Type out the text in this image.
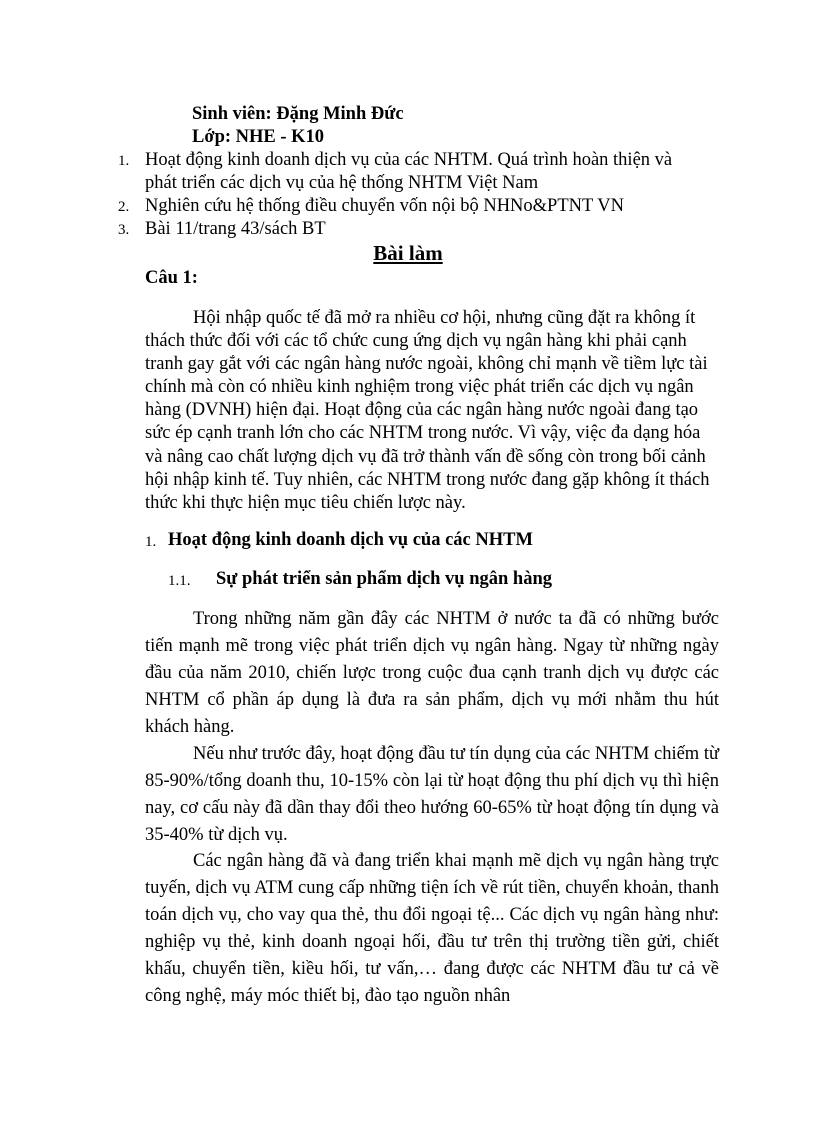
Sinh viên: Đặng Minh Đức
Lớp: NHE - K10
1. Hoạt động kinh doanh dịch vụ của các NHTM. Quá trình hoàn thiện và
phát triển các dịch vụ của hệ thống NHTM Việt Nam
2. Nghiên cứu hệ thống điều chuyển vốn nội bộ NHNo&PTNT VN
3. Bài 11/trang 43/sách BT
Bài làm
Câu 1:

Hội nhập quốc tế đã mở ra nhiều cơ hội, nhưng cũng đặt ra không ít thách thức đối với các tổ chức cung ứng dịch vụ ngân hàng khi phải cạnh tranh gay gắt với các ngân hàng nước ngoài, không chỉ mạnh về tiềm lực tài chính mà còn có nhiều kinh nghiệm trong việc phát triển các dịch vụ ngân hàng (DVNH) hiện đại. Hoạt động của các ngân hàng nước ngoài đang tạo sức ép cạnh tranh lớn cho các NHTM trong nước. Vì vậy, việc đa dạng hóa và nâng cao chất lượng dịch vụ đã trở thành vấn đề sống còn trong bối cảnh hội nhập kinh tế. Tuy nhiên, các NHTM trong nước đang gặp không ít thách thức khi thực hiện mục tiêu chiến lược này.

1. Hoạt động kinh doanh dịch vụ của các NHTM
1.1. Sự phát triển sản phẩm dịch vụ ngân hàng

Trong những năm gần đây các NHTM ở nước ta đã có những bước tiến mạnh mẽ trong việc phát triển dịch vụ ngân hàng. Ngay từ những ngày đầu của năm 2010, chiến lược trong cuộc đua cạnh tranh dịch vụ được các NHTM cổ phần áp dụng là đưa ra sản phẩm, dịch vụ mới nhằm thu hút khách hàng.

Nếu như trước đây, hoạt động đầu tư tín dụng của các NHTM chiếm từ 85-90%/tổng doanh thu, 10-15% còn lại từ hoạt động thu phí dịch vụ thì hiện nay, cơ cấu này đã dần thay đổi theo hướng 60-65% từ hoạt động tín dụng và 35-40% từ dịch vụ.

Các ngân hàng đã và đang triển khai mạnh mẽ dịch vụ ngân hàng trực tuyến, dịch vụ ATM cung cấp những tiện ích về rút tiền, chuyển khoản, thanh toán dịch vụ, cho vay qua thẻ, thu đổi ngoại tệ... Các dịch vụ ngân hàng như: nghiệp vụ thẻ, kinh doanh ngoại hối, đầu tư trên thị trường tiền gửi, chiết khấu, chuyển tiền, kiều hối, tư vấn,… đang được các NHTM đầu tư cả về công nghệ, máy móc thiết bị, đào tạo nguồn nhân
